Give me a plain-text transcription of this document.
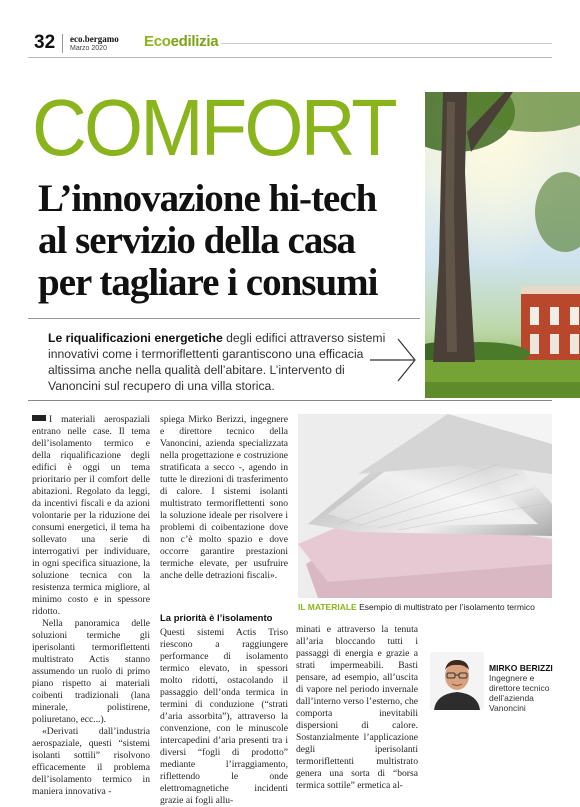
32 eco.bergamo
Marzo 2020 Ecoedilizia
COMFORT
L’innovazione hi-tech
al servizio della casa
per tagliare i consumi

Le riqualificazioni energetiche degli edifici attraverso sistemi innovativi come i termoriflettenti garantiscono una efficacia altissima anche nella qualità dell’abitare. L’intervento di Vanoncini sul recupero di una villa storica.

I materiali aerospaziali entrano nelle case. Il tema dell’isolamento termico e della riqualificazione degli edifici è oggi un tema prioritario per il comfort delle abitazioni. Regolato da leggi, da incentivi fiscali e da azioni volontarie per la riduzione dei consumi energetici, il tema ha sollevato una serie di interrogativi per individuare, in ogni specifica situazione, la soluzione tecnica con la resistenza termica migliore, al minimo costo e in spessore ridotto.

Nella panoramica delle soluzioni termiche gli iperisolanti termoriflettenti multistrato Actis stanno assumendo un ruolo di primo piano rispetto ai materiali coibenti tradizionali (lana minerale, polistirene, poliuretano, ecc...).

«Derivati dall’industria aerospaziale, questi “sistemi isolanti sottili” risolvono efficacemente il problema dell’isolamento termico in maniera innovativa -

spiega Mirko Berizzi, ingegnere e direttore tecnico della Vanoncini, azienda specializzata nella progettazione e costruzione stratificata a secco -, agendo in tutte le direzioni di trasferimento di calore. I sistemi isolanti multistrato termoriflettenti sono la soluzione ideale per risolvere i problemi di coibentazione dove non c’è molto spazio e dove occorre garantire prestazioni termiche elevate, per usufruire anche delle detrazioni fiscali».

La priorità è l’isolamento

Questi sistemi Actis Triso riescono a raggiungere performance di isolamento termico elevato, in spessori molto ridotti, ostacolando il passaggio dell’onda termica in termini di conduzione (“strati d’aria assorbita”), attraverso la convenzione, con le minuscole intercapedini d’aria presenti tra i diversi “fogli di prodotto” mediante l’irraggiamento, riflettendo le onde elettromagnetiche incidenti grazie ai fogli allu-

IL MATERIALE Esempio di multistrato per l’isolamento termico

minati e attraverso la tenuta all’aria bloccando tutti i passaggi di energia e grazie a strati impermeabili. Basti pensare, ad esempio, all’uscita di vapore nel periodo invernale dall’interno verso l’esterno, che comporta inevitabili dispersioni di calore. Sostanzialmente l’applicazione degli iperisolanti termoriflettenti multistrato genera una sorta di “borsa termica sottile” ermetica al-

MIRKO BERIZZI
Ingegnere e direttore tecnico dell’azienda Vanoncini
